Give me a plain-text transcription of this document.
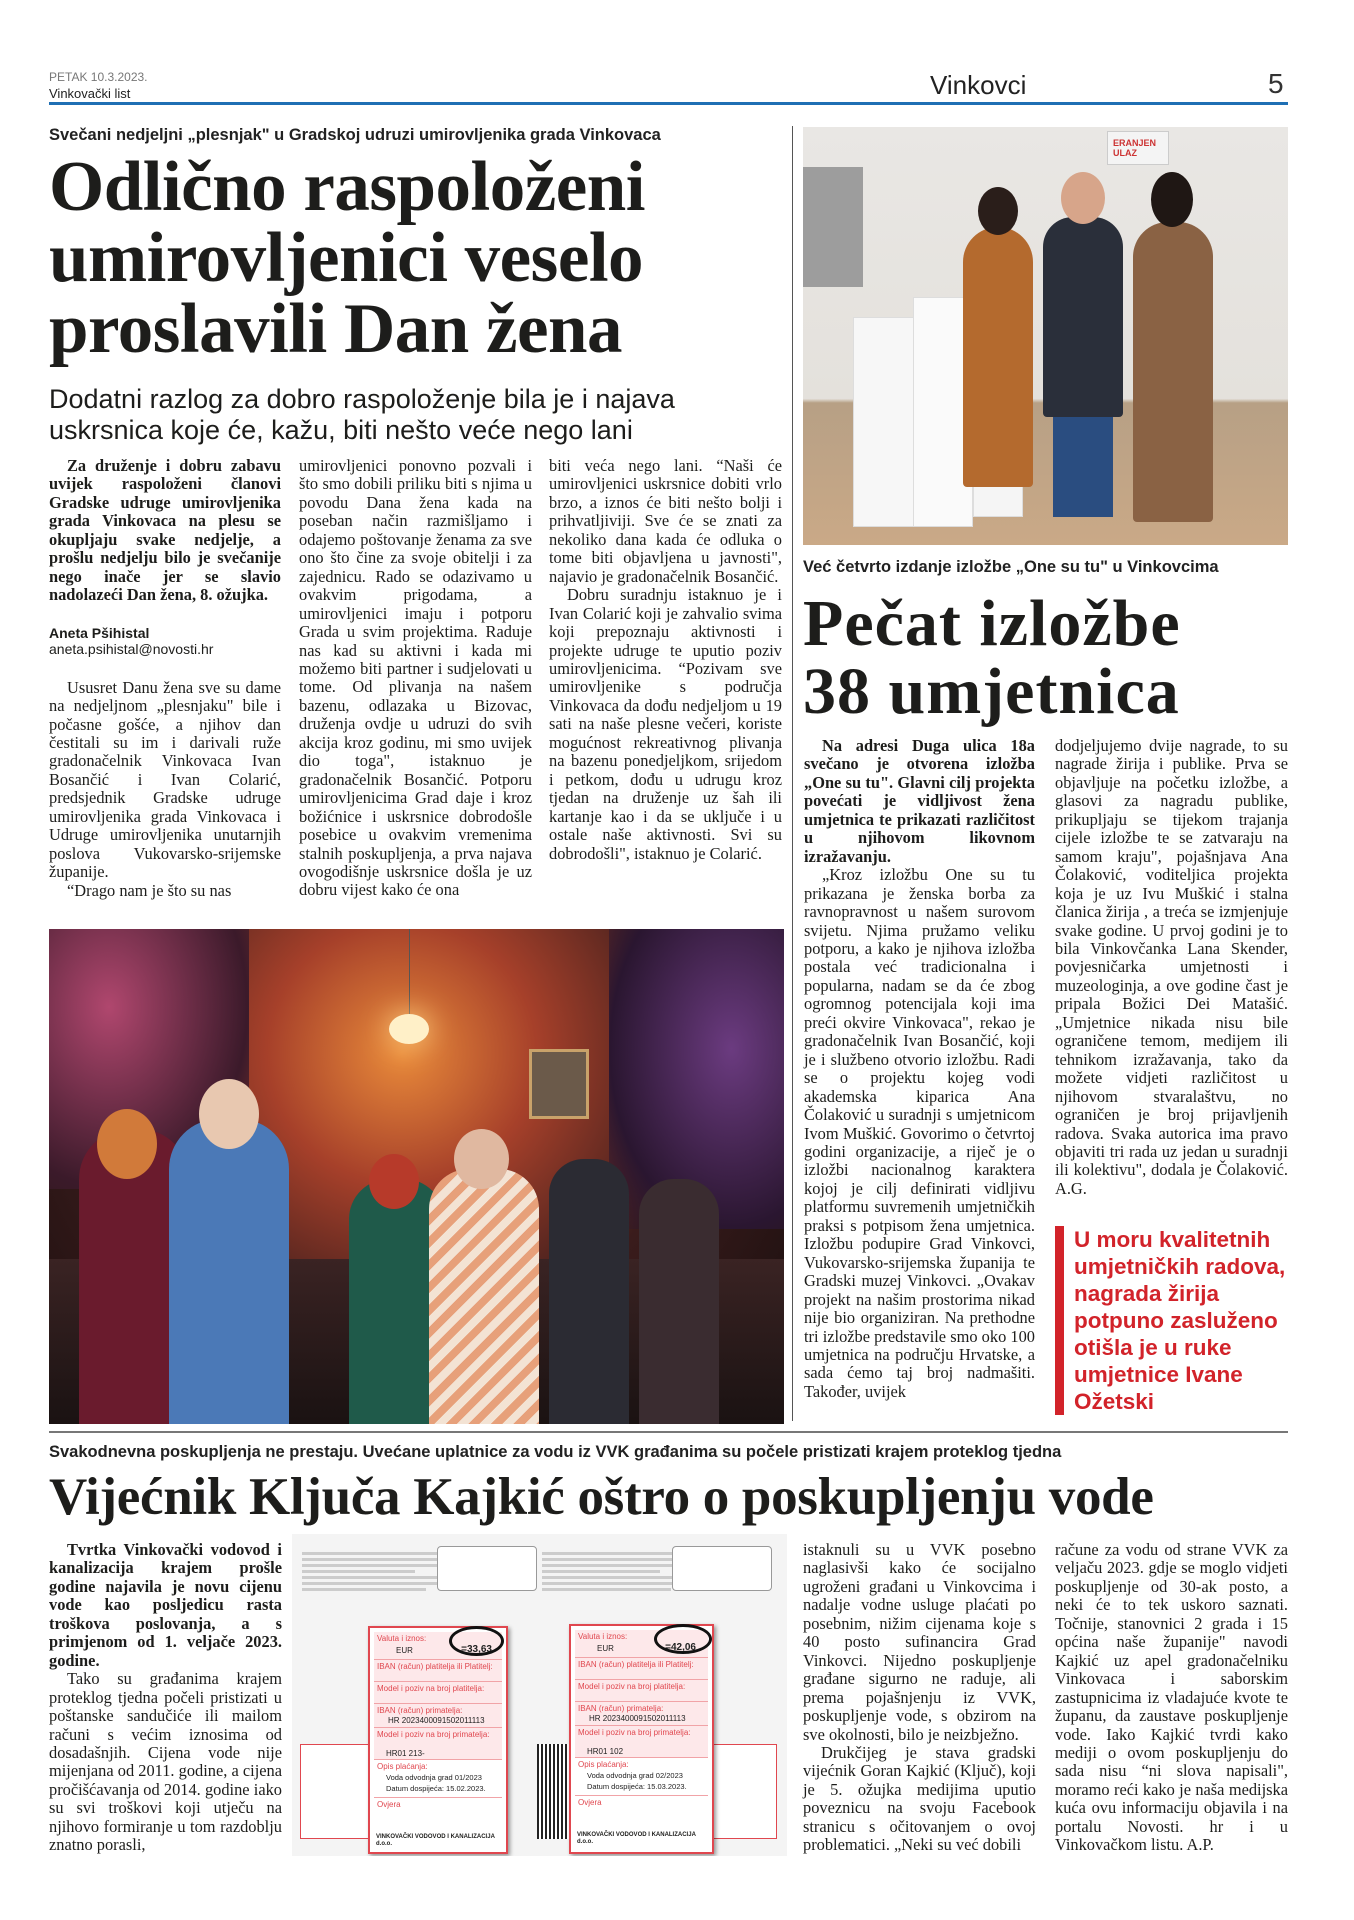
PETAK 10.3.2023.
Vinkovački list	Vinkovci	5
Svečani nedjeljni „plesnjak" u Gradskoj udruzi umirovljenika grada Vinkovaca
Odlično raspoloženi
umirovljenici veselo
proslavili Dan žena
Dodatni razlog za dobro raspoloženje bila je i najava
uskrsnica koje će, kažu, biti nešto veće nego lani

Za druženje i dobru zabavu uvijek raspoloženi članovi Gradske udruge umirovljenika grada Vinkovaca na plesu se okupljaju svake nedjelje, a prošlu nedjelju bilo je svečanije nego inače jer se slavio nadolazeći Dan žena, 8. ožujka.

Aneta Pšihistal
aneta.psihistal@novosti.hr

Ususret Danu žena sve su dame na nedjeljnom „plesnjaku" bile i počasne gošće, a njihov dan čestitali su im i darivali ruže gradonačelnik Vinkovaca Ivan Bosančić i Ivan Colarić, predsjednik Gradske udruge umirovljenika grada Vinkovaca i Udruge umirovljenika unutarnjih poslova Vukovarsko-srijemske županije.

“Drago nam je što su nas

umirovljenici ponovno pozvali i što smo dobili priliku biti s njima u povodu Dana žena kada na poseban način razmišljamo i odajemo poštovanje ženama za sve ono što čine za svoje obitelji i za zajednicu. Rado se odazivamo u ovakvim prigodama, a umirovljenici imaju i potporu Grada u svim projektima. Raduje nas kad su aktivni i kada mi možemo biti partner i sudjelovati u tome. Od plivanja na našem bazenu, odlazaka u Bizovac, druženja ovdje u udruzi do svih akcija kroz godinu, mi smo uvijek dio toga", istaknuo je gradonačelnik Bosančić. Potporu umirovljenicima Grad daje i kroz božićnice i uskrsnice dobrodošle posebice u ovakvim vremenima stalnih poskupljenja, a prva najava ovogodišnje uskrsnice došla je uz dobru vijest kako će ona

biti veća nego lani. “Naši će umirovljenici uskrsnice dobiti vrlo brzo, a iznos će biti nešto bolji i prihvatljiviji. Sve će se znati za nekoliko dana kada će odluka o tome biti objavljena u javnosti", najavio je gradonačelnik Bosančić.

Dobru suradnju istaknuo je i Ivan Colarić koji je zahvalio svima koji prepoznaju aktivnosti i projekte udruge te uputio poziv umirovljenicima. “Pozivam sve umirovljenike s područja Vinkovaca da dođu nedjeljom u 19 sati na naše plesne večeri, koriste mogućnost rekreativnog plivanja na bazenu ponedjeljkom, srijedom i petkom, dođu u udrugu kroz tjedan na druženje uz šah ili kartanje kao i da se uključe i u ostale naše aktivnosti. Svi su dobrodošli", istaknuo je Colarić.

ERANJEN
ULAZ
Već četvrto izdanje izložbe „One su tu" u Vinkovcima
Pečat izložbe
38 umjetnica

Na adresi Duga ulica 18a svečano je otvorena izložba „One su tu". Glavni cilj projekta povećati je vidljivost žena umjetnica te prikazati različitost u njihovom likovnom izražavanju.

„Kroz izložbu One su tu prikazana je ženska borba za ravnopravnost u našem surovom svijetu. Njima pružamo veliku potporu, a kako je njihova izložba postala već tradicionalna i popularna, nadam se da će zbog ogromnog potencijala koji ima preći okvire Vinkovaca", rekao je gradonačelnik Ivan Bosančić, koji je i službeno otvorio izložbu. Radi se o projektu kojeg vodi akademska kiparica Ana Čolaković u suradnji s umjetnicom Ivom Muškić. Govorimo o četvrtoj godini organizacije, a riječ je o izložbi nacionalnog karaktera kojoj je cilj definirati vidljivu platformu suvremenih umjetničkih praksi s potpisom žena umjetnica. Izložbu podupire Grad Vinkovci, Vukovarsko-srijemska županija te Gradski muzej Vinkovci. „Ovakav projekt na našim prostorima nikad nije bio organiziran. Na prethodne tri izložbe predstavile smo oko 100 umjetnica na području Hrvatske, a sada ćemo taj broj nadmašiti. Također, uvijek

dodjeljujemo dvije nagrade, to su nagrade žirija i publike. Prva se objavljuje na početku izložbe, a glasovi za nagradu publike, prikupljaju se tijekom trajanja cijele izložbe te se zatvaraju na samom kraju", pojašnjava Ana Čolaković, voditeljica projekta koja je uz Ivu Muškić i stalna članica žirija , a treća se izmjenjuje svake godine. U prvoj godini je to bila Vinkovčanka Lana Skender, povjesničarka umjetnosti i muzeologinja, a ove godine čast je pripala Božici Dei Matašić. „Umjetnice nikada nisu bile ograničene temom, medijem ili tehnikom izražavanja, tako da možete vidjeti različitost u njihovom stvaralaštvu, no ograničen je broj prijavljenih radova. Svaka autorica ima pravo objaviti tri rada uz jedan u suradnji ili kolektivu", dodala je Čolaković. A.G.

U moru kvalitetnih umjetničkih radova, nagrada žirija potpuno zasluženo otišla je u ruke umjetnice Ivane Ožetski
Svakodnevna poskupljenja ne prestaju. Uvećane uplatnice za vodu iz VVK građanima su počele pristizati krajem proteklog tjedna
Vijećnik Ključa Kajkić oštro o poskupljenju vode

Tvrtka Vinkovački vodovod i kanalizacija krajem prošle godine najavila je novu cijenu vode kao posljedicu rasta troškova poslovanja, a s primjenom od 1. veljače 2023. godine.

Tako su građanima krajem proteklog tjedna počeli pristizati u poštanske sandučiće ili mailom računi s većim iznosima od dosadašnjih. Cijena vode nije mijenjana od 2011. godine, a cijena pročišćavanja od 2014. godine iako su svi troškovi koji utječu na njihovo formiranje u tom razdoblju znatno porasli,

Valuta i iznos:
EUR	=33,63
IBAN (račun) platitelja ili Platitelj:
Model i poziv na broj platitelja:
IBAN (račun) primatelja:
HR 2023400091502011113
Model i poziv na broj primatelja:
HR01 213-
Opis plaćanja:
Voda odvodnja grad 01/2023
Datum dospijeća: 15.02.2023.
Ovjera
VINKOVAČKI VODOVOD I KANALIZACIJA d.o.o.
Valuta i iznos:
EUR	=42,06
IBAN (račun) platitelja ili Platitelj:
Model i poziv na broj platitelja:
IBAN (račun) primatelja:
HR 2023400091502011113
Model i poziv na broj primatelja:
HR01 102
Opis plaćanja:
Voda odvodnja grad 02/2023
Datum dospijeća: 15.03.2023.
Ovjera
VINKOVAČKI VODOVOD I KANALIZACIJA d.o.o.

istaknuli su u VVK posebno naglasivši kako će socijalno ugroženi građani u Vinkovcima i nadalje vodne usluge plaćati po posebnim, nižim cijenama koje s 40 posto sufinancira Grad Vinkovci. Nijedno poskupljenje građane sigurno ne raduje, ali prema pojašnjenju iz VVK, poskupljenje vode, s obzirom na sve okolnosti, bilo je neizbježno.

Drukčijeg je stava gradski vijećnik Goran Kajkić (Ključ), koji je 5. ožujka medijima uputio poveznicu na svoju Facebook stranicu s očitovanjem o ovoj problematici. „Neki su već dobili

račune za vodu od strane VVK za veljaču 2023. gdje se moglo vidjeti poskupljenje od 30-ak posto, a neki će to tek uskoro saznati. Točnije, stanovnici 2 grada i 15 općina naše županije" navodi Kajkić uz apel gradonačelniku Vinkovaca i saborskim zastupnicima iz vladajuće kvote te županu, da zaustave poskupljenje vode. Iako Kajkić tvrdi kako mediji o ovom poskupljenju do sada nisu “ni slova napisali", moramo reći kako je naša medijska kuća ovu informaciju objavila i na portalu Novosti. hr i u Vinkovačkom listu. A.P.
